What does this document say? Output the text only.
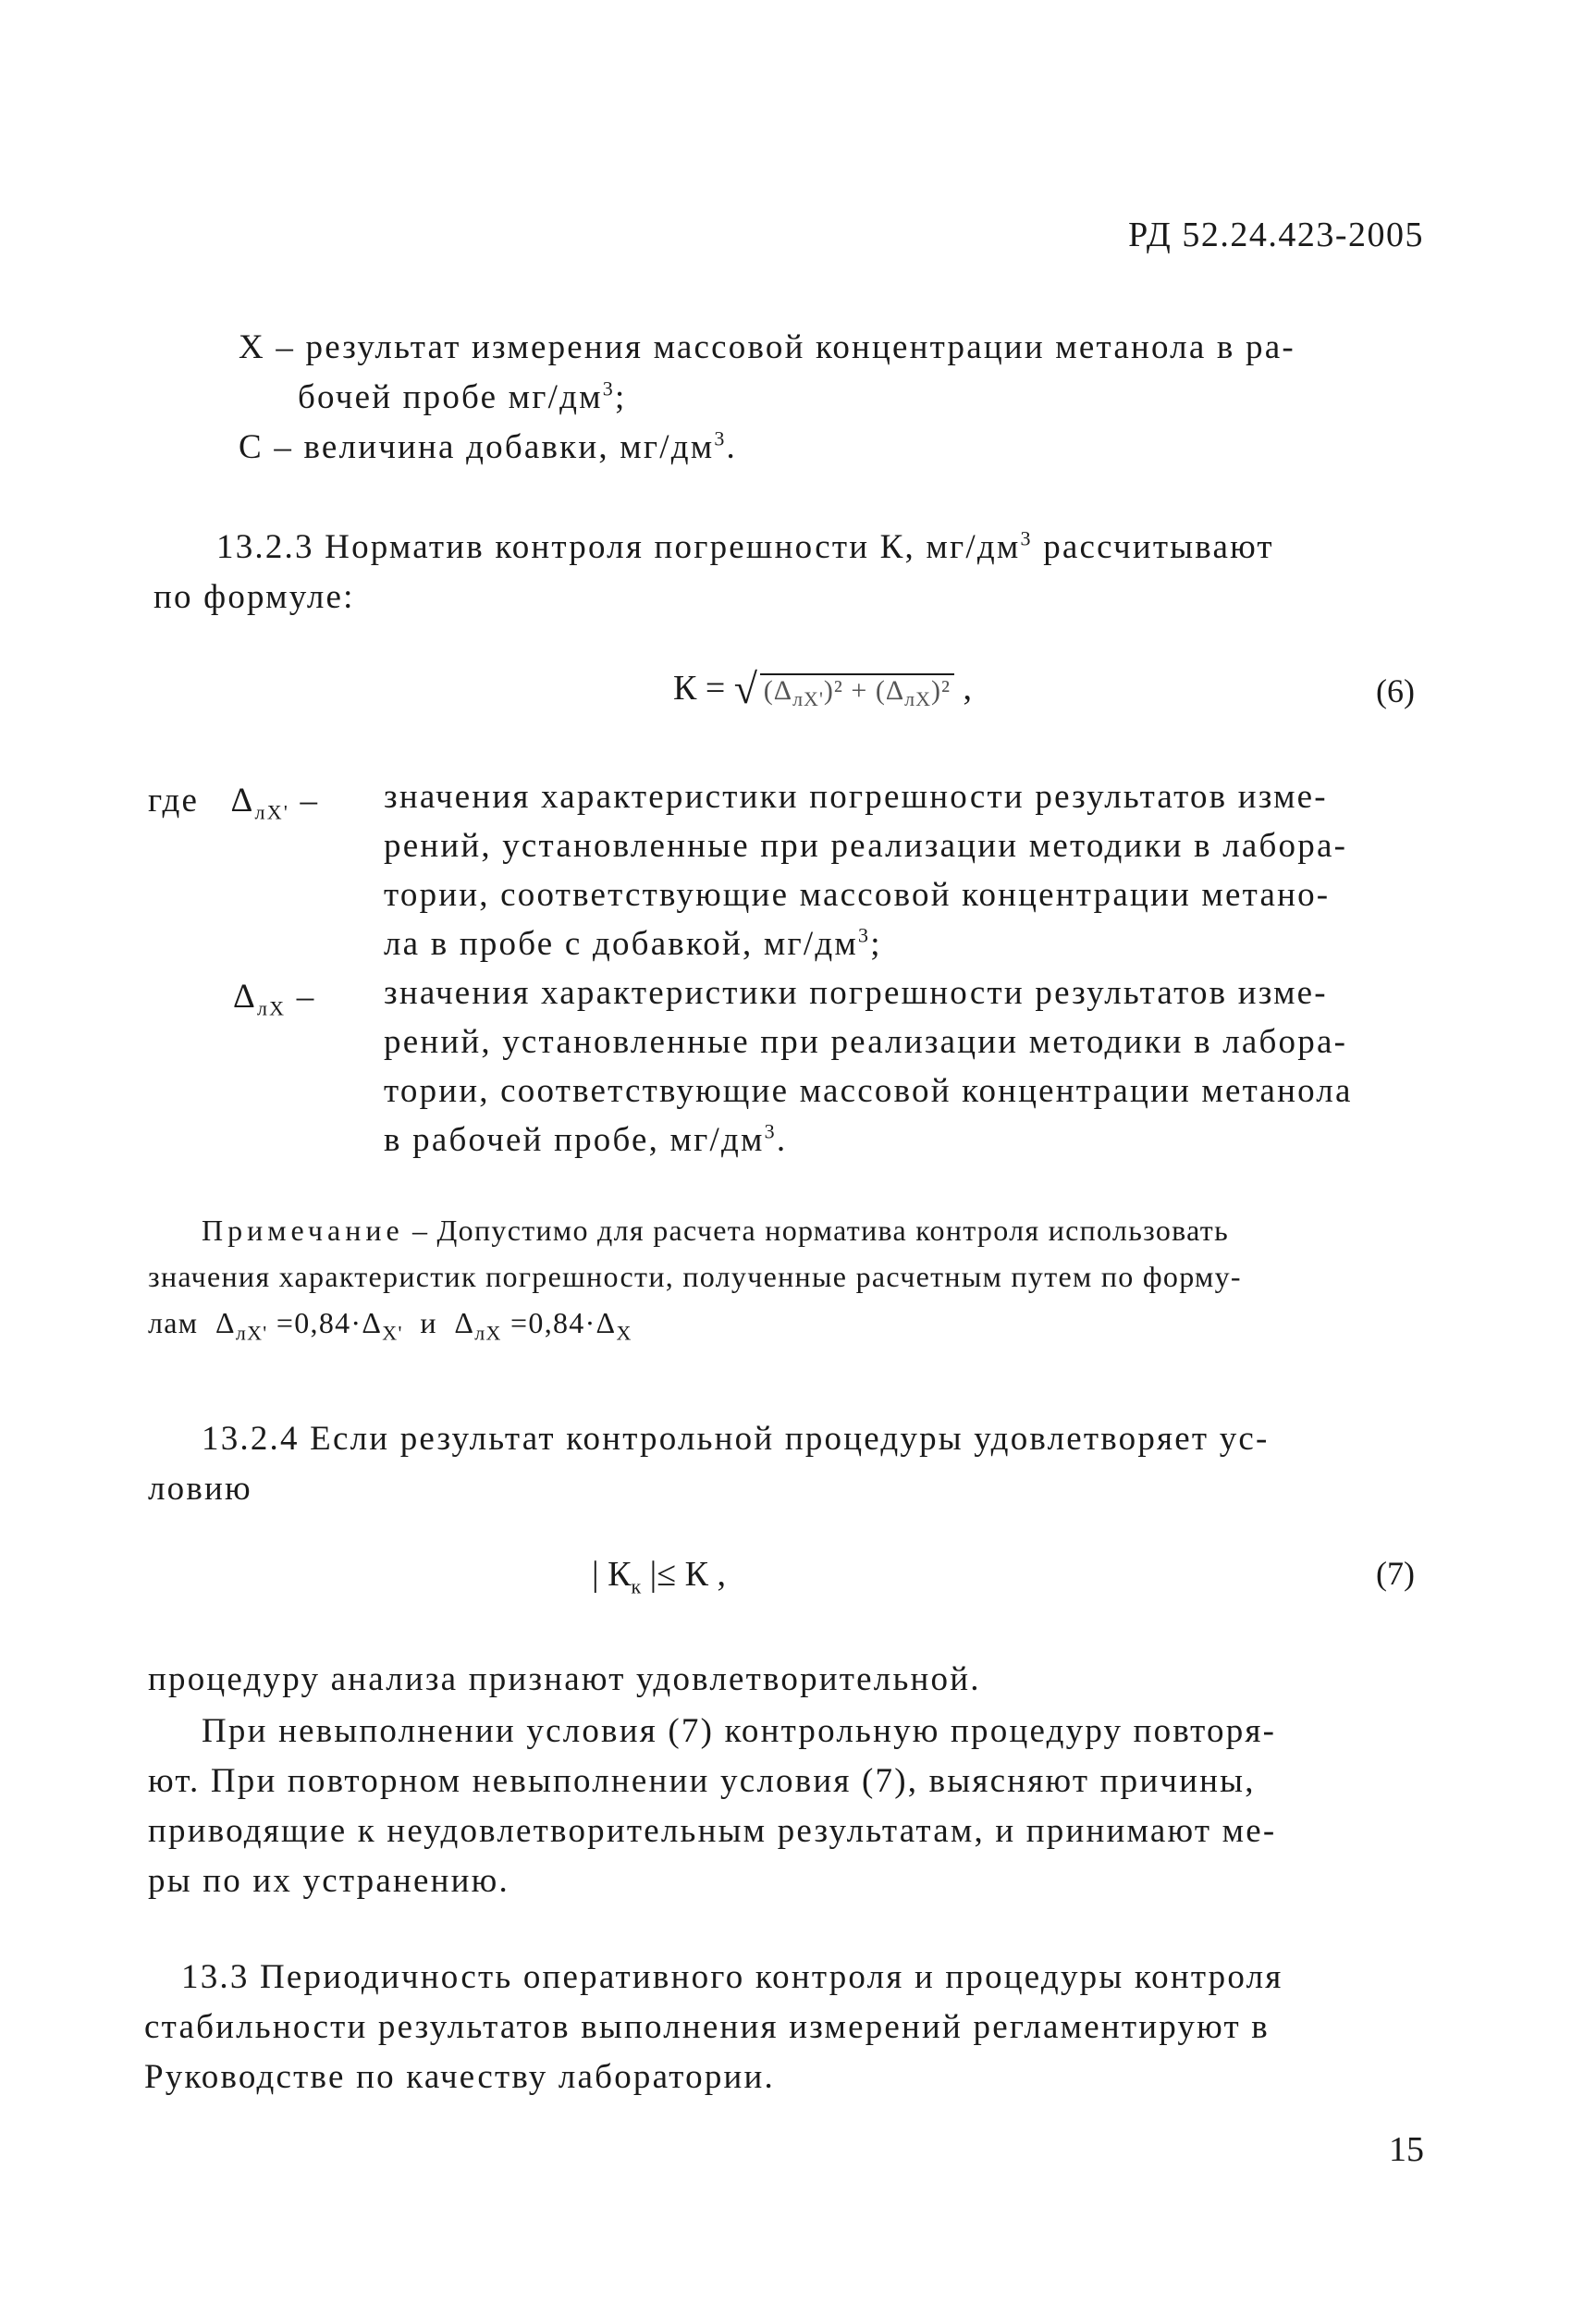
РД 52.24.423-2005
X – результат измерения массовой концентрации метанола в ра-
бочей пробе $мг/дм^3$;
C – величина добавки, $мг/дм^3$.
13.2.3 Норматив контроля погрешности К, $мг/дм^3$ рассчитывают
по формуле:
К = √ $(\Delta_{лХ'})^2 + (\Delta_{лХ})^2$ ,	(6)
где $\Delta_{лХ'}$ – значения характеристики погрешности результатов изме-
рений, установленные при реализации методики в лабора-
тории, соответствующие массовой концентрации метано-
ла в пробе с добавкой, $мг/дм^3$;
$\Delta_{лХ}$ – значения характеристики погрешности результатов изме-
рений, установленные при реализации методики в лабора-
тории, соответствующие массовой концентрации метанола
в рабочей пробе, $мг/дм^3$.
Примечание – Допустимо для расчета норматива контроля использовать
значения характеристик погрешности, полученные расчетным путем по форму-
лам $\Delta_{лХ'} =0,84\cdot\Delta_{Х'}$ и $\Delta_{лХ} =0,84\cdot\Delta_Х$
13.2.4 Если результат контрольной процедуры удовлетворяет ус-
ловию
| $К_к$ |≤ К ,	(7)
процедуру анализа признают удовлетворительной.
При невыполнении условия (7) контрольную процедуру повторя-
ют. При повторном невыполнении условия (7), выясняют причины,
приводящие к неудовлетворительным результатам, и принимают ме-
ры по их устранению.
13.3 Периодичность оперативного контроля и процедуры контроля
стабильности результатов выполнения измерений регламентируют в
Руководстве по качеству лаборатории.
15
